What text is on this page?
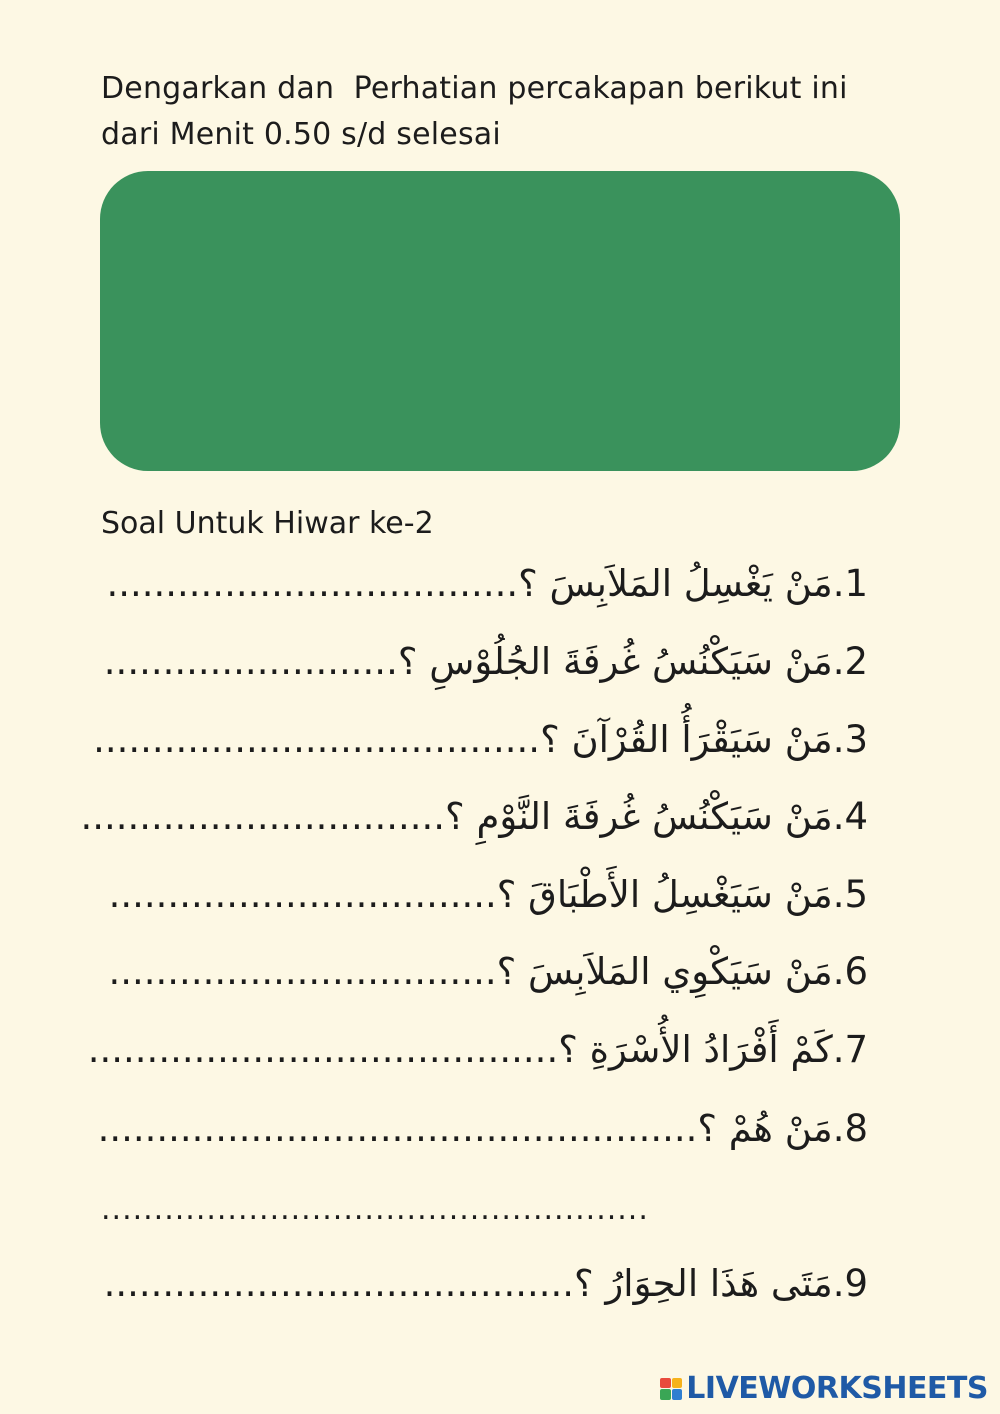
Dengarkan dan  Perhatian percakapan berikut ini
dari Menit 0.50 s/d selesai
Soal Untuk Hiwar ke-2
1.مَنْ يَغْسِلُ المَلاَبِسَ ؟...................................
2.مَنْ سَيَكْنُسُ غُرفَةَ الجُلُوْسِ ؟.........................
3.مَنْ سَيَقْرَأُ القُرْآنَ ؟......................................
4.مَنْ سَيَكْنُسُ غُرفَةَ النَّوْمِ ؟...............................
5.مَنْ سَيَغْسِلُ الأَطْبَاقَ ؟.................................
6.مَنْ سَيَكْوِي المَلاَبِسَ ؟.................................
7.كَمْ أَفْرَادُ الأُسْرَةِ ؟........................................
8.مَنْ هُمْ ؟...................................................
....................................................
9.مَتَى هَذَا الحِوَارُ ؟........................................
LIVEWORKSHEETS
